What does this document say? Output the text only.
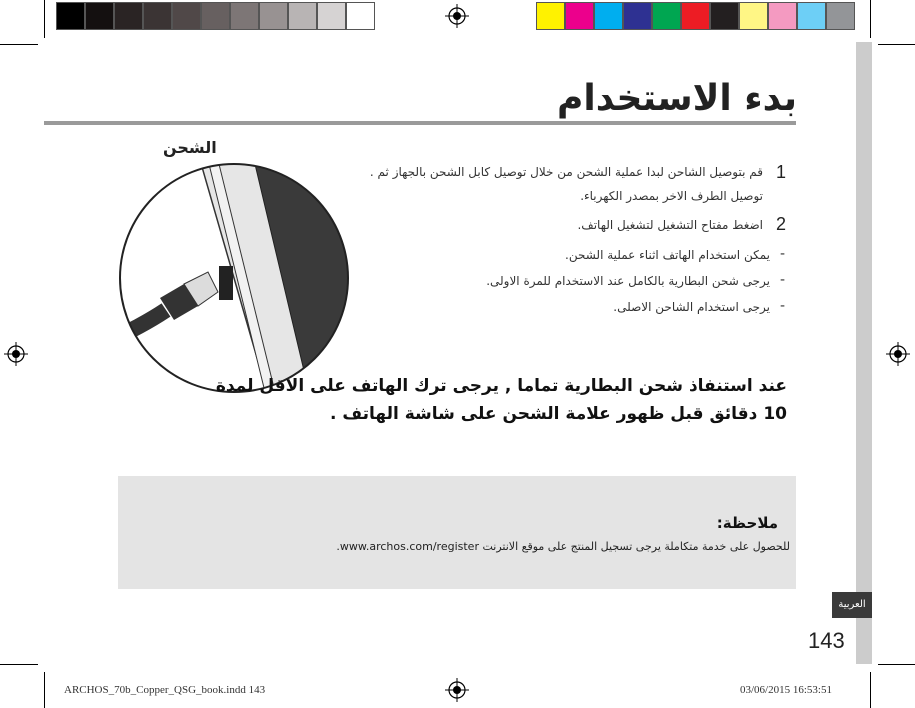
بدء الاستخدام
العربية
143
الشحن
1
قم بتوصيل الشاحن لبدا عملية الشحن من خلال توصيل كابل الشحن بالجهاز ثم .
توصيل الطرف الاخر بمصدر الكهرباء.
2
اضغط مفتاح التشغيل لتشغيل الهاتف.
-
يمكن استخدام الهاتف اثناء عملية الشحن.
-
يرجى شحن البطارية بالكامل عند الاستخدام للمرة الاولى.
-
يرجى استخدام الشاحن الاصلى.
عند استنفاذ شحن البطارية تماما , يرجى ترك الهاتف على الاقل لمدة
10 دقائق قبل ظهور علامة الشحن على شاشة الهاتف .
ملاحظة:
للحصول على خدمة متكاملة يرجى تسجيل المنتج على موقع الانترنت www.archos.com/register.
ARCHOS_70b_Copper_QSG_book.indd 143	03/06/2015 16:53:51
